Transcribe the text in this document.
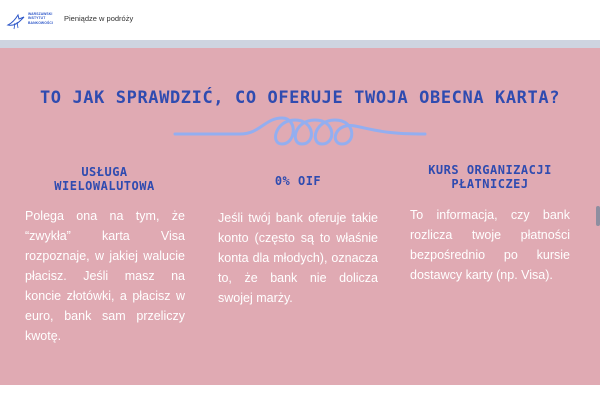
WARSZAWSKI
INSTYTUT
BANKOWOŚCI	Pieniądze w podróży
TO JAK SPRAWDZIĆ, CO OFERUJE TWOJA OBECNA KARTA?
USŁUGA
WIELOWALUTOWA
Polega ona na tym, że “zwykła” karta Visa rozpoznaje, w jakiej walucie płacisz. Jeśli masz na koncie złotówki, a płacisz w euro, bank sam przeliczy kwotę.
0% OIF
Jeśli twój bank oferuje takie konto (często są to właśnie konta dla młodych), oznacza to, że bank nie dolicza swojej marży.
KURS ORGANIZACJI
PŁATNICZEJ
To informacja, czy bank rozlicza twoje płatności bezpośrednio po kursie dostawcy karty (np. Visa).
